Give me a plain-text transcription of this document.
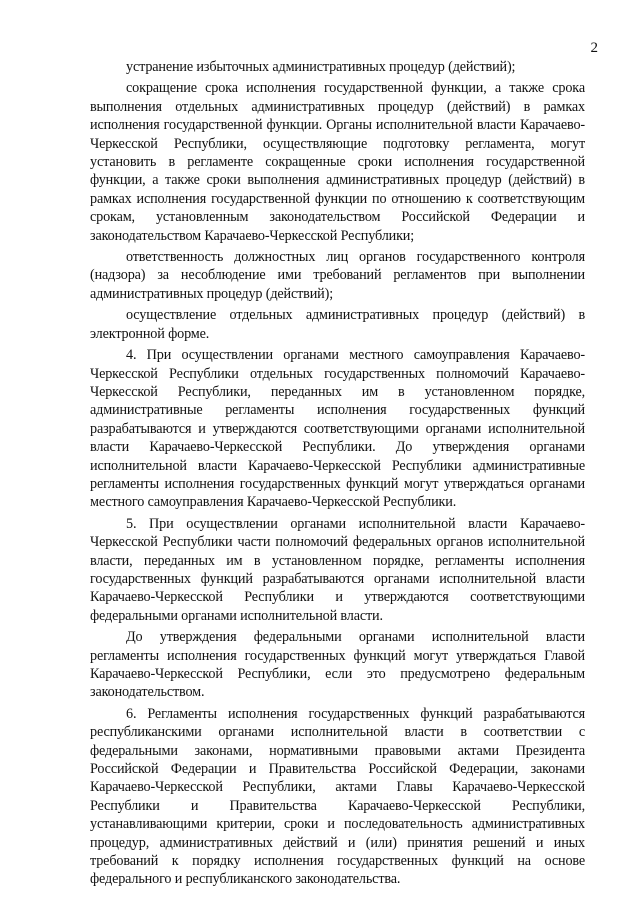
2

устранение избыточных административных процедур (действий);

сокращение срока исполнения государственной функции, а также срока выполнения отдельных административных процедур (действий) в рамках исполнения государственной функции. Органы исполнительной власти Карачаево-Черкесской Республики, осуществляющие подготовку регламента, могут установить в регламенте сокращенные сроки исполнения государственной функции, а также сроки выполнения административных процедур (действий) в рамках исполнения государственной функции по отношению к соответствующим срокам, установленным законодательством Российской Федерации и законодательством Карачаево-Черкесской Республики;

ответственность должностных лиц органов государственного контроля (надзора) за несоблюдение ими требований регламентов при выполнении административных процедур (действий);

осуществление отдельных административных процедур (действий) в электронной форме.

4. При осуществлении органами местного самоуправления Карачаево-Черкесской Республики отдельных государственных полномочий Карачаево-Черкесской Республики, переданных им в установленном порядке, административные регламенты исполнения государственных функций разрабатываются и утверждаются соответствующими органами исполнительной власти Карачаево-Черкесской Республики. До утверждения органами исполнительной власти Карачаево-Черкесской Республики административные регламенты исполнения государственных функций могут утверждаться органами местного самоуправления Карачаево-Черкесской Республики.

5. При осуществлении органами исполнительной власти Карачаево-Черкесской Республики части полномочий федеральных органов исполнительной власти, переданных им в установленном порядке, регламенты исполнения государственных функций разрабатываются органами исполнительной власти Карачаево-Черкесской Республики и утверждаются соответствующими федеральными органами исполнительной власти.

До утверждения федеральными органами исполнительной власти регламенты исполнения государственных функций могут утверждаться Главой Карачаево-Черкесской Республики, если это предусмотрено федеральным законодательством.

6. Регламенты исполнения государственных функций разрабатываются республиканскими органами исполнительной власти в соответствии с федеральными законами, нормативными правовыми актами Президента Российской Федерации и Правительства Российской Федерации, законами Карачаево-Черкесской Республики, актами Главы Карачаево-Черкесской Республики и Правительства Карачаево-Черкесской Республики, устанавливающими критерии, сроки и последовательность административных процедур, административных действий и (или) принятия решений и иных требований к порядку исполнения государственных функций на основе федерального и республиканского законодательства.
